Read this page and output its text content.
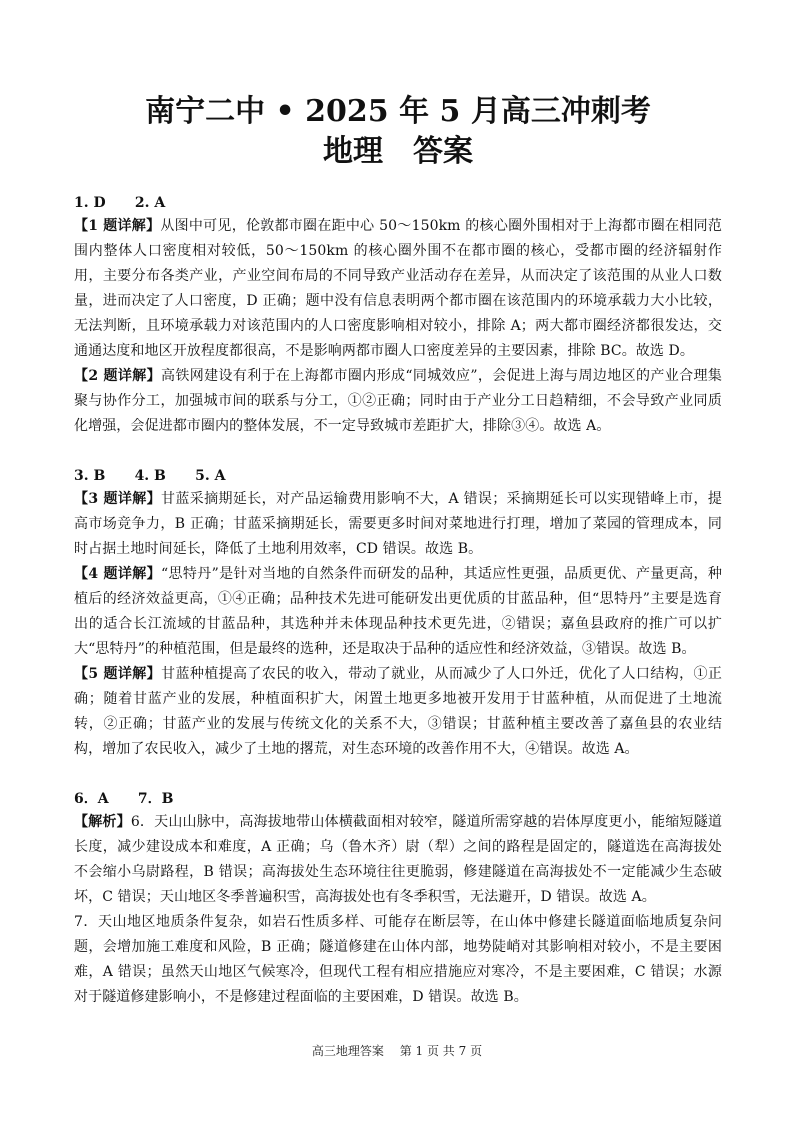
南宁二中 • 2025 年 5 月高三冲刺考
地理　答案

1. D      2. A

【1 题详解】从图中可见，伦敦都市圈在距中心 50～150km 的核心圈外围相对于上海都市圈在相同范围内整体人口密度相对较低，50～150km 的核心圈外围不在都市圈的核心，受都市圈的经济辐射作用，主要分布各类产业，产业空间布局的不同导致产业活动存在差异，从而决定了该范围的从业人口数量，进而决定了人口密度，D 正确；题中没有信息表明两个都市圈在该范围内的环境承载力大小比较，无法判断，且环境承载力对该范围内的人口密度影响相对较小，排除 A；两大都市圈经济都很发达，交通通达度和地区开放程度都很高，不是影响两都市圈人口密度差异的主要因素，排除 BC。故选 D。

【2 题详解】高铁网建设有利于在上海都市圈内形成“同城效应”，会促进上海与周边地区的产业合理集聚与协作分工，加强城市间的联系与分工，①②正确；同时由于产业分工日趋精细，不会导致产业同质化增强，会促进都市圈内的整体发展，不一定导致城市差距扩大，排除③④。故选 A。

3. B      4. B      5. A

【3 题详解】甘蓝采摘期延长，对产品运输费用影响不大，A 错误；采摘期延长可以实现错峰上市，提高市场竞争力，B 正确；甘蓝采摘期延长，需要更多时间对菜地进行打理，增加了菜园的管理成本，同时占据土地时间延长，降低了土地利用效率，CD 错误。故选 B。

【4 题详解】“思特丹”是针对当地的自然条件而研发的品种，其适应性更强，品质更优、产量更高，种植后的经济效益更高，①④正确；品种技术先进可能研发出更优质的甘蓝品种，但“思特丹”主要是选育出的适合长江流域的甘蓝品种，其选种并未体现品种技术更先进，②错误；嘉鱼县政府的推广可以扩大“思特丹”的种植范围，但是最终的选种，还是取决于品种的适应性和经济效益，③错误。故选 B。

【5 题详解】甘蓝种植提高了农民的收入，带动了就业，从而减少了人口外迁，优化了人口结构，①正确；随着甘蓝产业的发展，种植面积扩大，闲置土地更多地被开发用于甘蓝种植，从而促进了土地流转，②正确；甘蓝产业的发展与传统文化的关系不大，③错误；甘蓝种植主要改善了嘉鱼县的农业结构，增加了农民收入，减少了土地的撂荒，对生态环境的改善作用不大，④错误。故选 A。

6．A      7．B

【解析】6．天山山脉中，高海拔地带山体横截面相对较窄，隧道所需穿越的岩体厚度更小，能缩短隧道长度，减少建设成本和难度，A 正确；乌（鲁木齐）尉（犁）之间的路程是固定的，隧道选在高海拔处不会缩小乌尉路程，B 错误；高海拔处生态环境往往更脆弱，修建隧道在高海拔处不一定能减少生态破坏，C 错误；天山地区冬季普遍积雪，高海拔处也有冬季积雪，无法避开，D 错误。故选 A。

7．天山地区地质条件复杂，如岩石性质多样、可能存在断层等，在山体中修建长隧道面临地质复杂问题，会增加施工难度和风险，B 正确；隧道修建在山体内部，地势陡峭对其影响相对较小，不是主要困难，A 错误；虽然天山地区气候寒冷，但现代工程有相应措施应对寒冷，不是主要困难，C 错误；水源对于隧道修建影响小，不是修建过程面临的主要困难，D 错误。故选 B。

高三地理答案　 第 1 页 共 7 页
